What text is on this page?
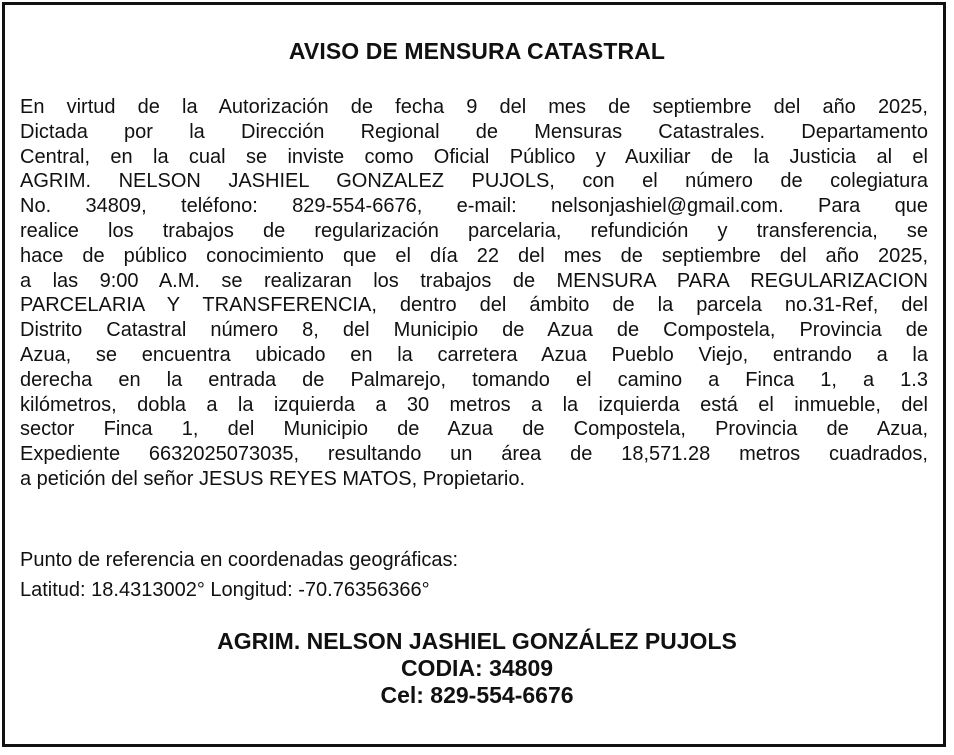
AVISO DE MENSURA CATASTRAL
En virtud de la Autorización de fecha 9 del mes de septiembre del año 2025,
Dictada por la Dirección Regional de Mensuras Catastrales. Departamento
Central, en la cual se inviste como Oficial Público y Auxiliar de la Justicia al el
AGRIM. NELSON JASHIEL GONZALEZ PUJOLS, con el número de colegiatura
No. 34809, teléfono: 829-554-6676, e-mail: nelsonjashiel@gmail.com. Para que
realice los trabajos de regularización parcelaria, refundición y transferencia, se
hace de público conocimiento que el día 22 del mes de septiembre del año 2025,
a las 9:00 A.M. se realizaran los trabajos de MENSURA PARA REGULARIZACION
PARCELARIA Y TRANSFERENCIA, dentro del ámbito de la parcela no.31-Ref, del
Distrito Catastral número 8, del Municipio de Azua de Compostela, Provincia de
Azua, se encuentra ubicado en la carretera Azua Pueblo Viejo, entrando a la
derecha en la entrada de Palmarejo, tomando el camino a Finca 1, a 1.3
kilómetros, dobla a la izquierda a 30 metros a la izquierda está el inmueble, del
sector Finca 1, del Municipio de Azua de Compostela, Provincia de Azua,
Expediente 6632025073035, resultando un área de 18,571.28 metros cuadrados,
a petición del señor JESUS REYES MATOS, Propietario.
Punto de referencia en coordenadas geográficas:
Latitud: 18.4313002° Longitud: -70.76356366°
AGRIM. NELSON JASHIEL GONZÁLEZ PUJOLS
CODIA: 34809
Cel: 829-554-6676
